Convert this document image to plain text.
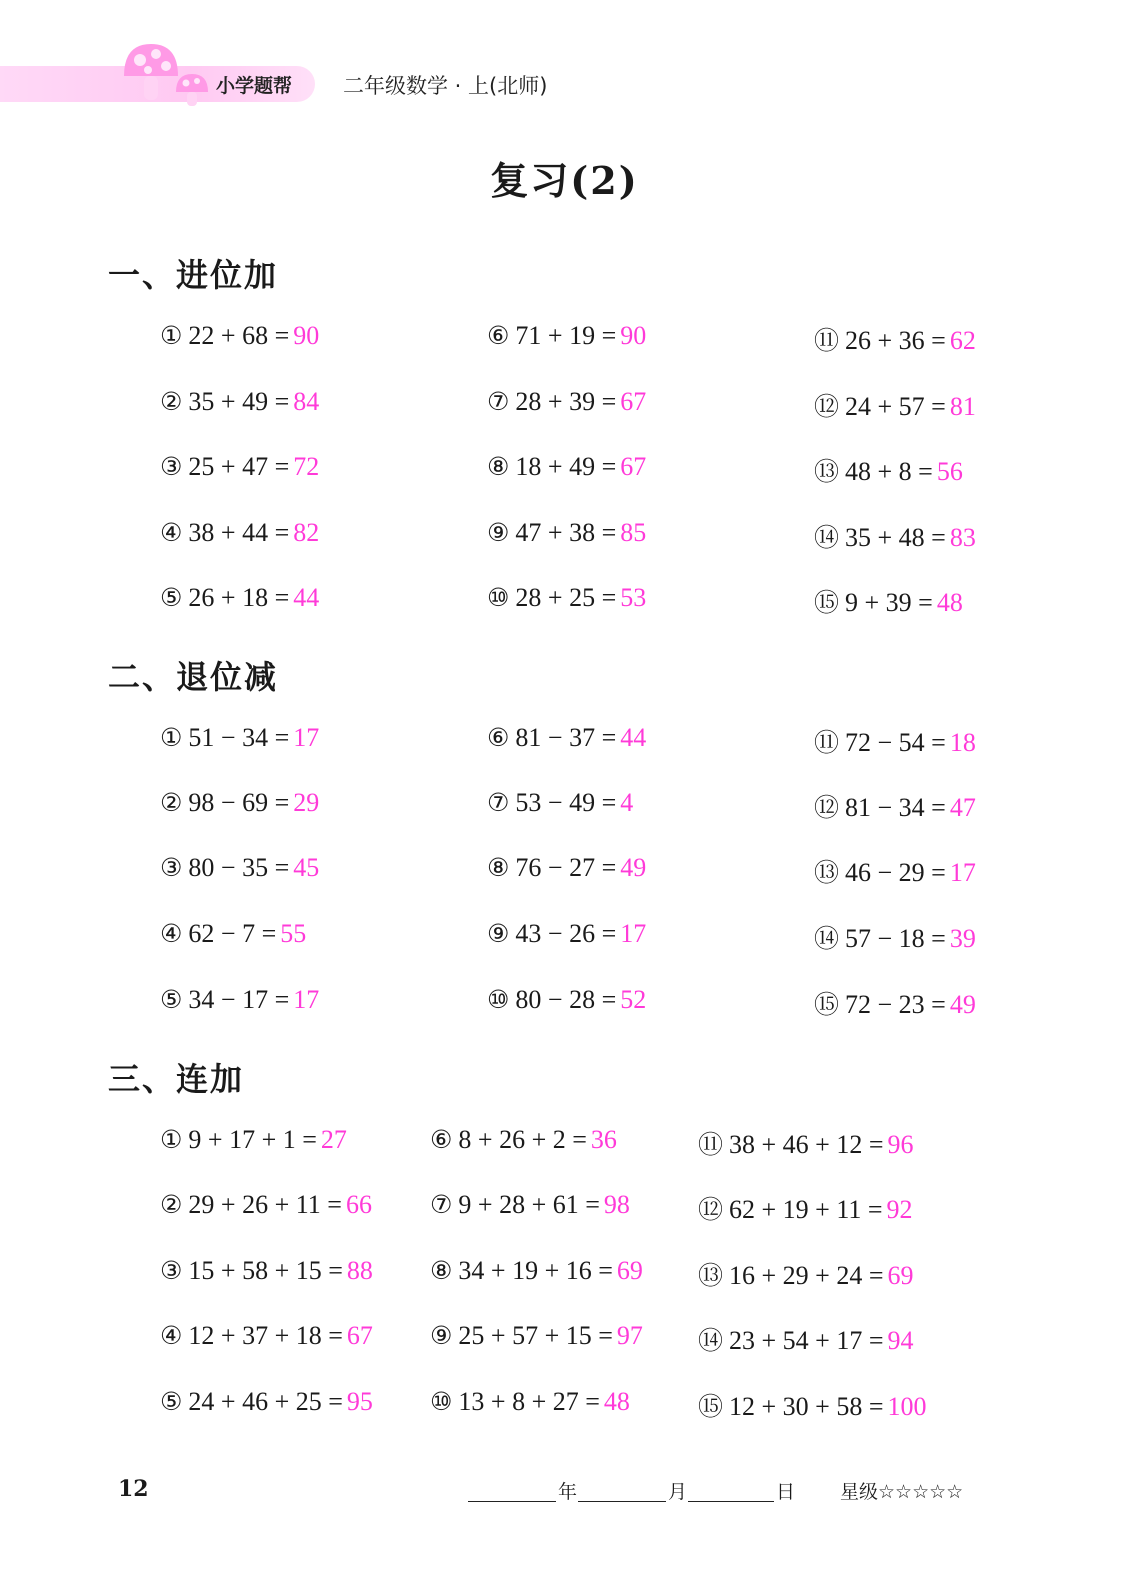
小学题帮 二年级数学 · 上(北师)
复习(2)
一、进位加
① 22 + 68 = 90
② 35 + 49 = 84
③ 25 + 47 = 72
④ 38 + 44 = 82
⑤ 26 + 18 = 44
⑥ 71 + 19 = 90
⑦ 28 + 39 = 67
⑧ 18 + 49 = 67
⑨ 47 + 38 = 85
⑩ 28 + 25 = 53
⑪ 26 + 36 = 62
⑫ 24 + 57 = 81
⑬ 48 + 8 = 56
⑭ 35 + 48 = 83
⑮ 9 + 39 = 48
二、退位减
① 51 − 34 = 17
② 98 − 69 = 29
③ 80 − 35 = 45
④ 62 − 7 = 55
⑤ 34 − 17 = 17
⑥ 81 − 37 = 44
⑦ 53 − 49 = 4
⑧ 76 − 27 = 49
⑨ 43 − 26 = 17
⑩ 80 − 28 = 52
⑪ 72 − 54 = 18
⑫ 81 − 34 = 47
⑬ 46 − 29 = 17
⑭ 57 − 18 = 39
⑮ 72 − 23 = 49
三、连加
① 9 + 17 + 1 = 27
② 29 + 26 + 11 = 66
③ 15 + 58 + 15 = 88
④ 12 + 37 + 18 = 67
⑤ 24 + 46 + 25 = 95
⑥ 8 + 26 + 2 = 36
⑦ 9 + 28 + 61 = 98
⑧ 34 + 19 + 16 = 69
⑨ 25 + 57 + 15 = 97
⑩ 13 + 8 + 27 = 48
⑪ 38 + 46 + 12 = 96
⑫ 62 + 19 + 11 = 92
⑬ 16 + 29 + 24 = 69
⑭ 23 + 54 + 17 = 94
⑮ 12 + 30 + 58 = 100
12	年	月	日 星级☆☆☆☆☆
